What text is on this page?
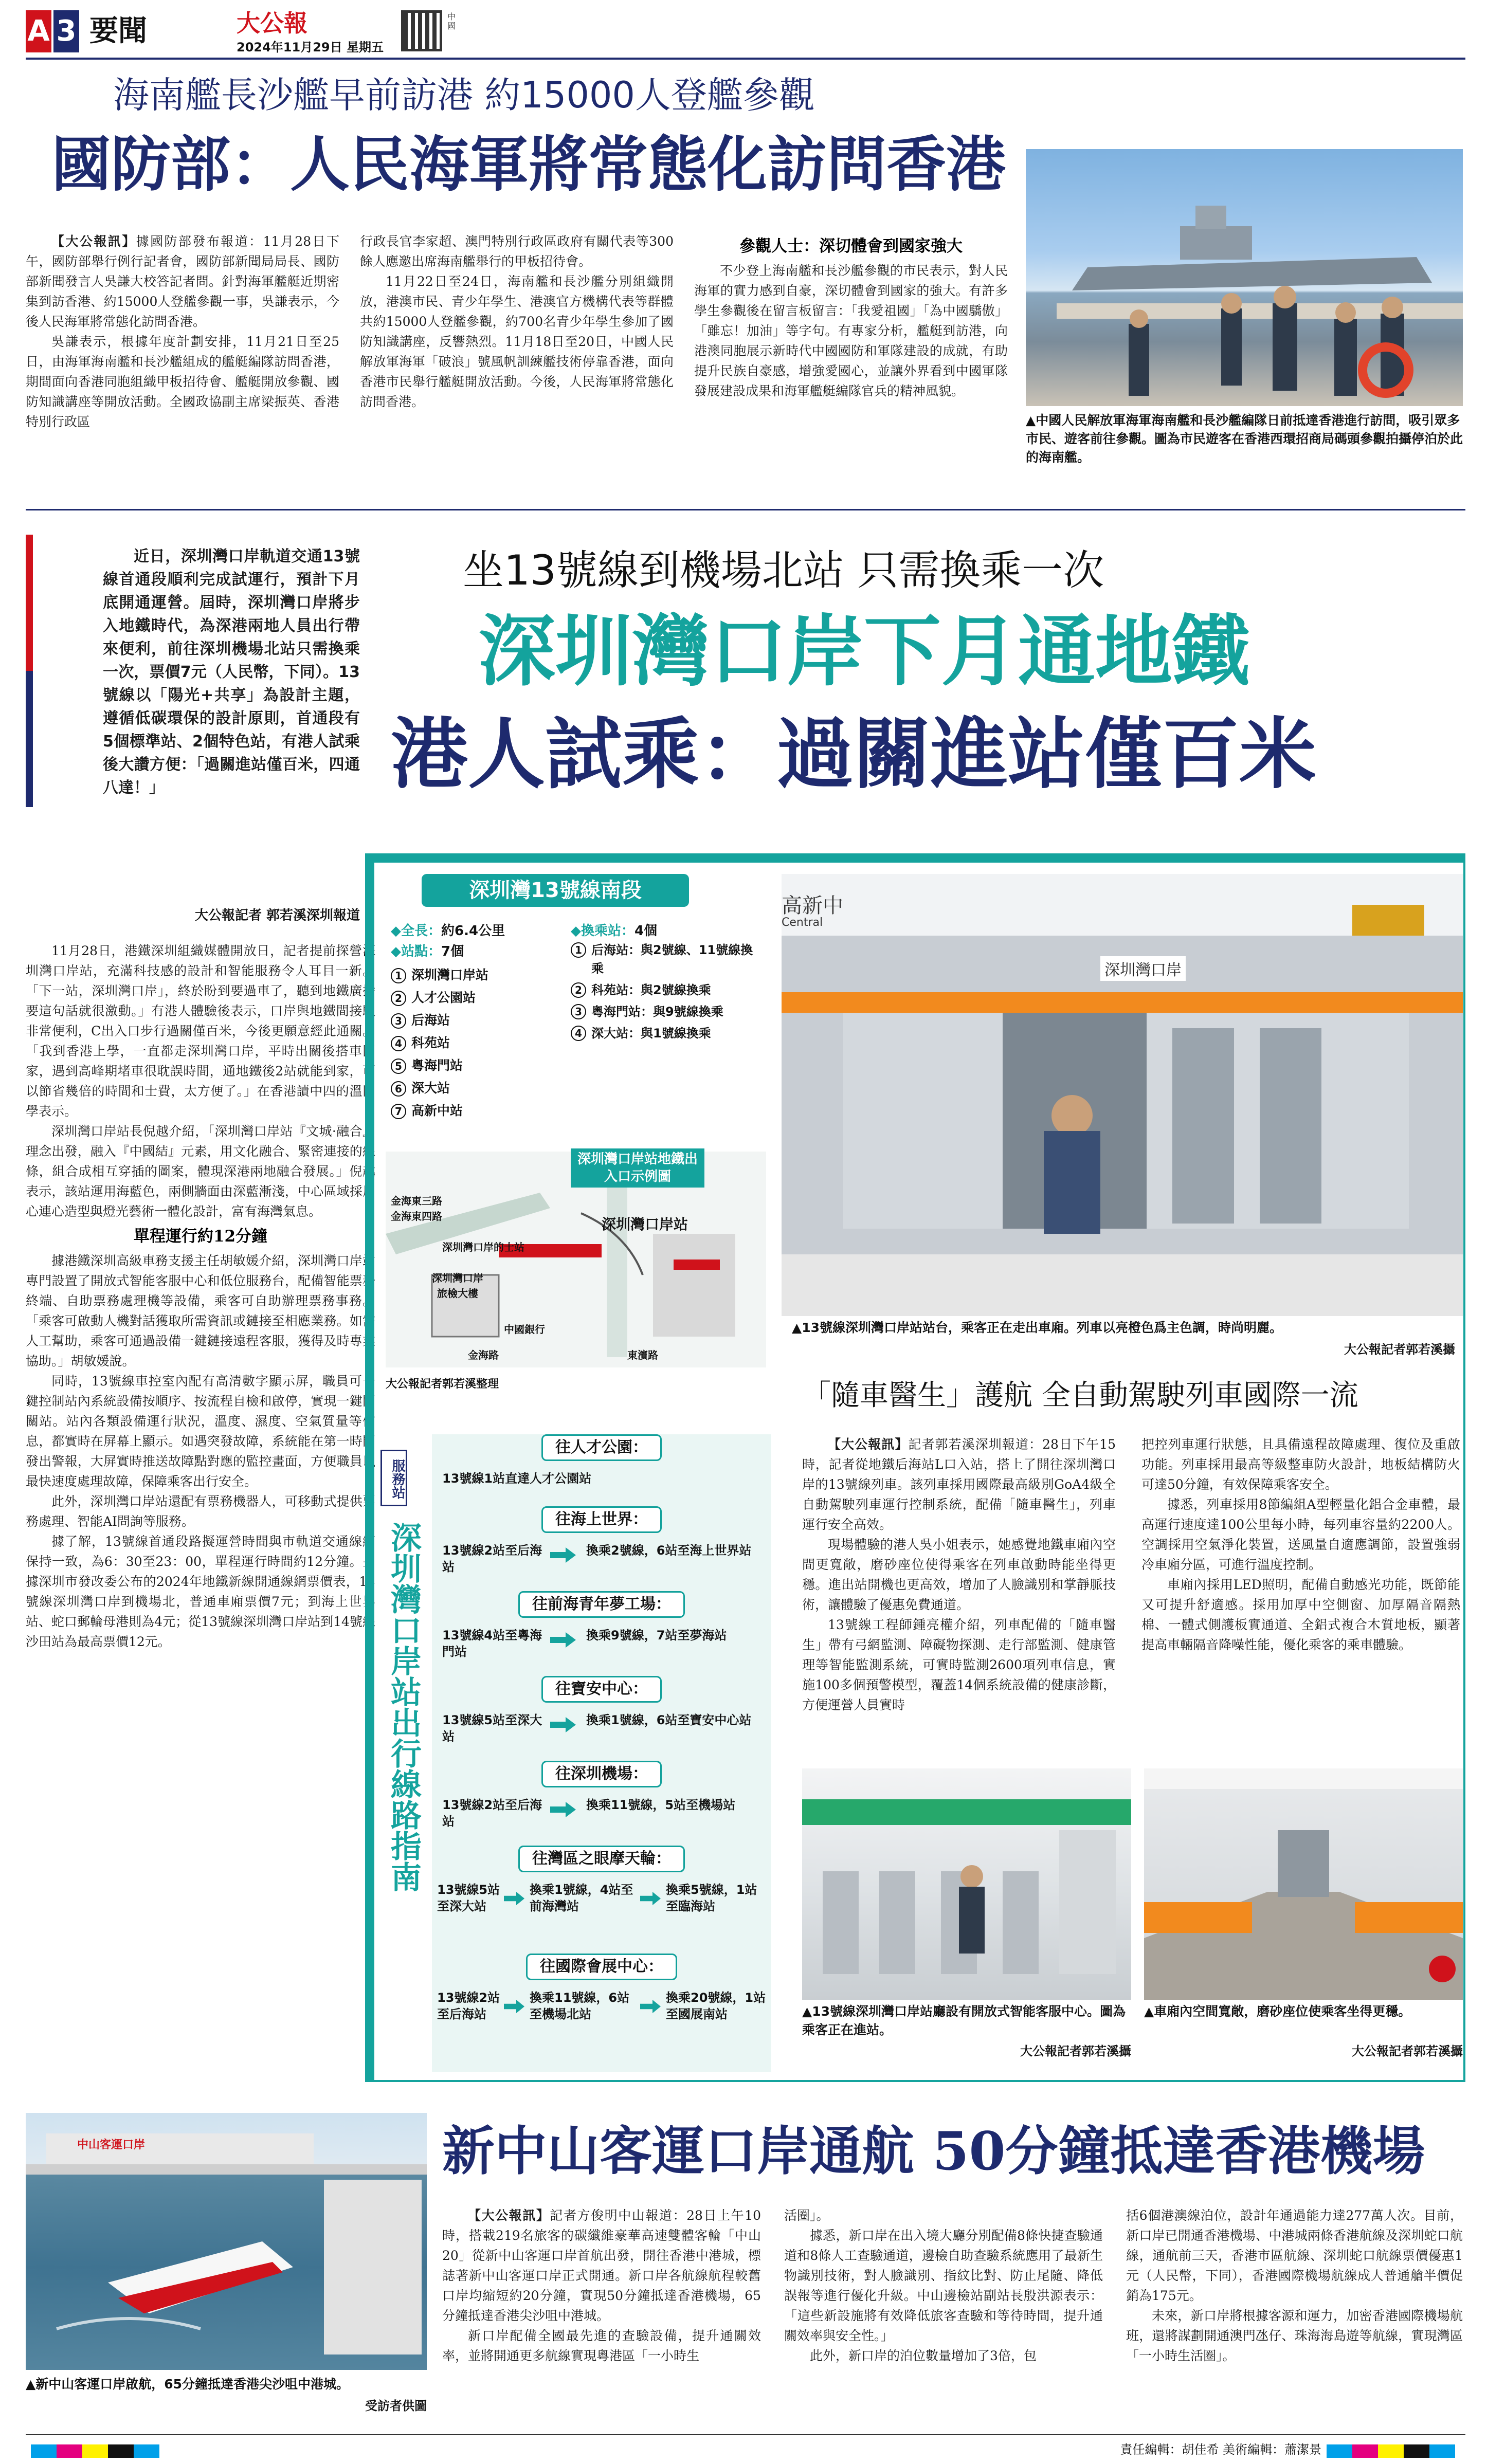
A 3 要聞	大公報
2024年11月29日 星期五
中國
海南艦長沙艦早前訪港 約15000人登艦參觀
國防部：人民海軍將常態化訪問香港

【大公報訊】據國防部發布報道：11月28日下午，國防部舉行例行記者會，國防部新聞局局長、國防部新聞發言人吳謙大校答記者問。針對海軍艦艇近期密集到訪香港、約15000人登艦參觀一事，吳謙表示，今後人民海軍將常態化訪問香港。

吳謙表示，根據年度計劃安排，11月21日至25日，由海軍海南艦和長沙艦組成的艦艇編隊訪問香港，期間面向香港同胞組織甲板招待會、艦艇開放參觀、國防知識講座等開放活動。全國政協副主席梁振英、香港特別行政區

行政長官李家超、澳門特別行政區政府有關代表等300餘人應邀出席海南艦舉行的甲板招待會。

11月22日至24日，海南艦和長沙艦分別組織開放，港澳市民、青少年學生、港澳官方機構代表等群體共約15000人登艦參觀，約700名青少年學生參加了國防知識講座，反響熱烈。11月18日至20日，中國人民解放軍海軍「破浪」號風帆訓練艦技術停靠香港，面向香港市民舉行艦艇開放活動。今後，人民海軍將常態化訪問香港。

參觀人士：深切體會到國家強大

不少登上海南艦和長沙艦參觀的市民表示，對人民海軍的實力感到自豪，深切體會到國家的強大。有許多學生參觀後在留言板留言：「我愛祖國」「為中國驕傲」「雖忘！加油」等字句。有專家分析，艦艇到訪港，向港澳同胞展示新時代中國國防和軍隊建設的成就，有助提升民族自豪感，增強愛國心，並讓外界看到中國軍隊發展建設成果和海軍艦艇編隊官兵的精神風貌。

▲中國人民解放軍海軍海南艦和長沙艦編隊日前抵達香港進行訪問，吸引眾多市民、遊客前往參觀。圖為市民遊客在香港西環招商局碼頭參觀拍攝停泊於此的海南艦。
近日，深圳灣口岸軌道交通13號線首通段順利完成試運行，預計下月底開通運營。屆時，深圳灣口岸將步入地鐵時代，為深港兩地人員出行帶來便利，前往深圳機場北站只需換乘一次，票價7元（人民幣，下同）。13號線以「陽光+共享」為設計主題，遵循低碳環保的設計原則，首通段有5個標準站、2個特色站，有港人試乘後大讚方便：「過關進站僅百米，四通八達！」
大公報記者 郭若溪深圳報道
坐13號線到機場北站 只需換乘一次
深圳灣口岸下月通地鐵
港人試乘：過關進站僅百米

11月28日，港鐵深圳組織媒體開放日，記者提前探營深圳灣口岸站，充滿科技感的設計和智能服務令人耳目一新。「下一站，深圳灣口岸」，終於盼到要過車了，聽到地鐵廣播要這句話就很激動。」有港人體驗後表示，口岸與地鐵間接駁非常便利，C出入口步行過關僅百米，今後更願意經此通關。「我到香港上學，一直都走深圳灣口岸，平時出關後搭車回家，遇到高峰期堵車很耽誤時間，通地鐵後2站就能到家，可以節省幾倍的時間和士費，太方便了。」在香港讀中四的溫同學表示。

深圳灣口岸站長倪越介紹，「深圳灣口岸站『文城·融合』理念出發，融入『中國結』元素，用文化融合、緊密連接的線條，組合成相互穿插的圖案，體現深港兩地融合發展。」倪越表示，該站運用海藍色，兩側牆面由深藍漸淺，中心區域採用心連心造型與燈光藝術一體化設計，富有海灣氣息。

單程運行約12分鐘

據港鐵深圳高級車務支援主任胡敏媛介紹，深圳灣口岸站專門設置了開放式智能客服中心和低位服務台，配備智能票務終端、自助票務處理機等設備，乘客可自助辦理票務事務。「乘客可啟動人機對話獲取所需資訊或鏈接至相應業務。如需人工幫助，乘客可通過設備一鍵鏈接遠程客服，獲得及時專業協助。」胡敏媛說。

同時，13號線車控室內配有高清數字顯示屏，職員可一鍵控制站內系統設備按順序、按流程自檢和啟停，實現一鍵開關站。站內各類設備運行狀況，溫度、濕度、空氣質量等信息，都實時在屏幕上顯示。如遇突發故障，系統能在第一時間發出警報，大屏實時推送故障點對應的監控畫面，方便職員以最快速度處理故障，保障乘客出行安全。

此外，深圳灣口岸站還配有票務機器人，可移動式提供票務處理、智能AI問詢等服務。

據了解，13號線首通段路擬運營時間與市軌道交通線網保持一致，為6：30至23：00，單程運行時間約12分鐘。另據深圳市發改委公布的2024年地鐵新線開通線網票價表，13號線深圳灣口岸到機場北，普通車廂票價7元；到海上世界站、蛇口郵輪母港則為4元；從13號線深圳灣口岸站到14號線沙田站為最高票價12元。

深圳灣13號線南段
◆全長：約6.4公里
◆站點：7個
1 深圳灣口岸站
2 人才公園站
3 后海站
4 科苑站
5 粵海門站
6 深大站
7 高新中站
◆換乘站：4個
1 后海站：與2號線、11號線換乘
2 科苑站：與2號線換乘
3 粵海門站：與9號線換乘
4 深大站：與1號線換乘
深圳灣口岸站地鐵出入口示例圖
金海東三路
金海東四路
深圳灣口岸的士站
深圳灣口岸
旅檢大樓
深圳灣口岸站
中國銀行
金海路	東濱路
大公報記者郭若溪整理
高新中
Central
深圳灣口岸
▲13號線深圳灣口岸站站台，乘客正在走出車廂。列車以亮橙色爲主色調，時尚明麗。
大公報記者郭若溪攝
服務站
深圳灣口岸站出行線路指南
往人才公園：
13號線1站直達人才公園站
往海上世界：
13號線2站至后海站
換乘2號線，6站至海上世界站
往前海青年夢工場：
13號線4站至粵海門站
換乘9號線，7站至夢海站
往寶安中心：
13號線5站至深大站
換乘1號線，6站至寶安中心站
往深圳機場：
13號線2站至后海站
換乘11號線，5站至機場站
往灣區之眼摩天輪：
13號線5站至深大站
換乘1號線，4站至前海灣站
換乘5號線，1站至臨海站
往國際會展中心：
13號線2站至后海站
換乘11號線，6站至機場北站
換乘20號線，1站至國展南站
「隨車醫生」護航 全自動駕駛列車國際一流

【大公報訊】記者郭若溪深圳報道：28日下午15時，記者從地鐵后海站L口入站，搭上了開往深圳灣口岸的13號線列車。該列車採用國際最高級別GoA4級全自動駕駛列車運行控制系統，配備「隨車醫生」，列車運行安全高效。

現場體驗的港人吳小姐表示，她感覺地鐵車廂內空間更寬敞，磨砂座位使得乘客在列車啟動時能坐得更穩。進出站開機也更高效，增加了人臉識別和掌靜脈技術，讓體驗了優惠免費通道。

13號線工程師鍾亮權介紹，列車配備的「隨車醫生」帶有弓網監測、障礙物探測、走行部監測、健康管理等智能監測系統，可實時監測2600項列車信息，實施100多個預警模型，覆蓋14個系統設備的健康診斷，方便運營人員實時

把控列車運行狀態，且具備遠程故障處理、復位及重啟功能。列車採用最高等級整車防火設計，地板結構防火可達50分鐘，有效保障乘客安全。

據悉，列車採用8節編組A型輕量化鋁合金車體，最高運行速度達100公里每小時，每列車容量約2200人。空調採用空氣淨化裝置，送風量自適應調節，設置強弱冷車廂分區，可進行溫度控制。

車廂內採用LED照明，配備自動感光功能，既節能又可提升舒適感。採用加厚中空側窗、加厚隔音隔熱棉、一體式側護板實通道、全鋁式複合木質地板，顯著提高車輛隔音降噪性能，優化乘客的乘車體驗。

▲13號線深圳灣口岸站廳設有開放式智能客服中心。圖為乘客正在進站。
大公報記者郭若溪攝
▲車廂內空間寬敞，磨砂座位使乘客坐得更穩。
大公報記者郭若溪攝
新中山客運口岸通航 50分鐘抵達香港機場
中山客運口岸
▲新中山客運口岸啟航，65分鐘抵達香港尖沙咀中港城。
受訪者供圖

【大公報訊】記者方俊明中山報道：28日上午10時，搭載219名旅客的碳纖維豪華高速雙體客輪「中山20」從新中山客運口岸首航出發，開往香港中港城，標誌著新中山客運口岸正式開通。新口岸各航線航程較舊口岸均縮短約20分鐘，實現50分鐘抵達香港機場，65分鐘抵達香港尖沙咀中港城。

新口岸配備全國最先進的查驗設備，提升通關效率，並將開通更多航線實現粵港區「一小時生

活圈」。

據悉，新口岸在出入境大廳分別配備8條快捷查驗通道和8條人工查驗通道，邊檢自助查驗系統應用了最新生物識別技術，對人臉識別、指紋比對、防止尾隨、降低誤報等進行優化升級。中山邊檢站副站長殷洪源表示：「這些新設施將有效降低旅客查驗和等待時間，提升通關效率與安全性。」

此外，新口岸的泊位數量增加了3倍，包

括6個港澳線泊位，設計年通過能力達277萬人次。目前，新口岸已開通香港機場、中港城兩條香港航線及深圳蛇口航線，通航前三天，香港市區航線、深圳蛇口航線票價優惠1元（人民幣，下同），香港國際機場航線成人普通艙半價促銷為175元。

未來，新口岸將根據客源和運力，加密香港國際機場航班，還將謀劃開通澳門氹仔、珠海海島遊等航線，實現灣區「一小時生活圈」。

責任編輯：胡佳希 美術編輯：蕭潔景
